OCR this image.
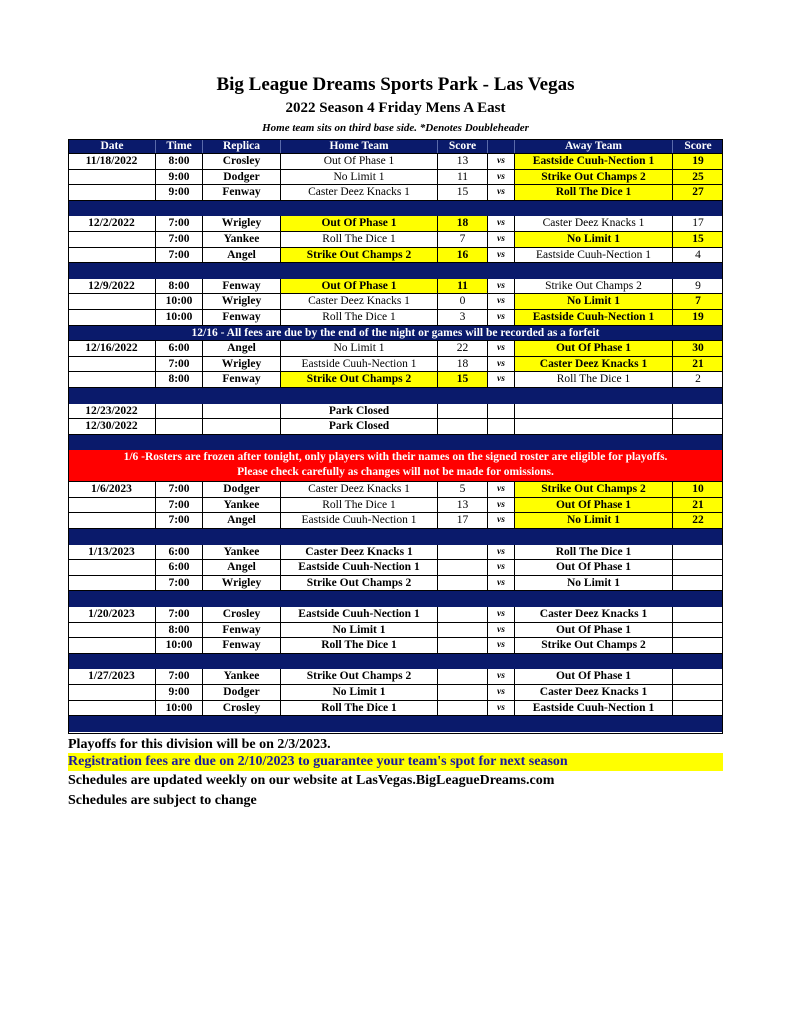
Big League Dreams Sports Park - Las Vegas
2022 Season 4 Friday Mens A East
Home team sits on third base side. *Denotes Doubleheader
Date	Time	Replica	Home Team	Score	Away Team	Score
11/18/2022	8:00	Crosley	Out Of Phase 1	13	vs	Eastside Cuuh-Nection 1	19
9:00	Dodger	No Limit 1	11	vs	Strike Out Champs 2	25
9:00	Fenway	Caster Deez Knacks 1	15	vs	Roll The Dice 1	27
12/2/2022	7:00	Wrigley	Out Of Phase 1	18	vs	Caster Deez Knacks 1	17
7:00	Yankee	Roll The Dice 1	7	vs	No Limit 1	15
7:00	Angel	Strike Out Champs 2	16	vs	Eastside Cuuh-Nection 1	4
12/9/2022	8:00	Fenway	Out Of Phase 1	11	vs	Strike Out Champs 2	9
10:00	Wrigley	Caster Deez Knacks 1	0	vs	No Limit 1	7
10:00	Fenway	Roll The Dice 1	3	vs	Eastside Cuuh-Nection 1	19
12/16 - All fees are due by the end of the night or games will be recorded as a forfeit
12/16/2022	6:00	Angel	No Limit 1	22	vs	Out Of Phase 1	30
7:00	Wrigley	Eastside Cuuh-Nection 1	18	vs	Caster Deez Knacks 1	21
8:00	Fenway	Strike Out Champs 2	15	vs	Roll The Dice 1	2
12/23/2022	Park Closed
12/30/2022	Park Closed
1/6 -Rosters are frozen after tonight, only players with their names on the signed roster are eligible for playoffs.
Please check carefully as changes will not be made for omissions.
1/6/2023	7:00	Dodger	Caster Deez Knacks 1	5	vs	Strike Out Champs 2	10
7:00	Yankee	Roll The Dice 1	13	vs	Out Of Phase 1	21
7:00	Angel	Eastside Cuuh-Nection 1	17	vs	No Limit 1	22
1/13/2023	6:00	Yankee	Caster Deez Knacks 1	vs	Roll The Dice 1
6:00	Angel	Eastside Cuuh-Nection 1	vs	Out Of Phase 1
7:00	Wrigley	Strike Out Champs 2	vs	No Limit 1
1/20/2023	7:00	Crosley	Eastside Cuuh-Nection 1	vs	Caster Deez Knacks 1
8:00	Fenway	No Limit 1	vs	Out Of Phase 1
10:00	Fenway	Roll The Dice 1	vs	Strike Out Champs 2
1/27/2023	7:00	Yankee	Strike Out Champs 2	vs	Out Of Phase 1
9:00	Dodger	No Limit 1	vs	Caster Deez Knacks 1
10:00	Crosley	Roll The Dice 1	vs	Eastside Cuuh-Nection 1
Playoffs for this division will be on 2/3/2023.
Registration fees are due on 2/10/2023 to guarantee your team's spot for next season
Schedules are updated weekly on our website at LasVegas.BigLeagueDreams.com
Schedules are subject to change
